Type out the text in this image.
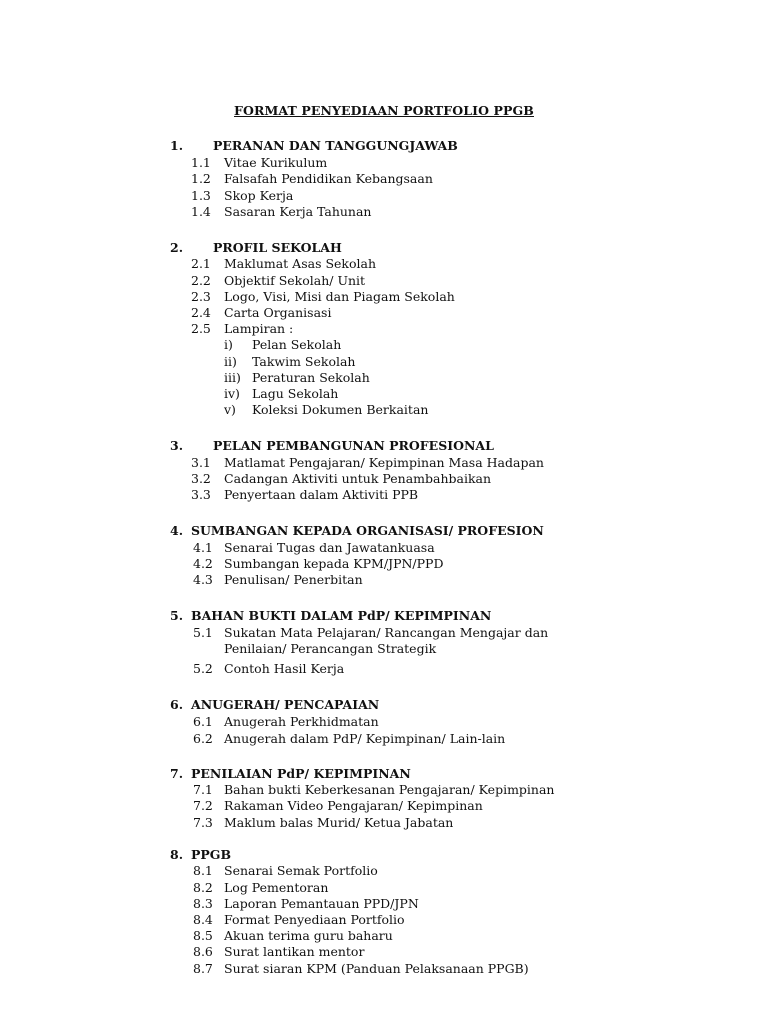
FORMAT PENYEDIAAN PORTFOLIO PPGB
1. PERANAN DAN TANGGUNGJAWAB
1.1 Vitae Kurikulum
1.2 Falsafah Pendidikan Kebangsaan
1.3 Skop Kerja
1.4 Sasaran Kerja Tahunan
2. PROFIL SEKOLAH
2.1 Maklumat Asas Sekolah
2.2 Objektif Sekolah/ Unit
2.3 Logo, Visi, Misi dan Piagam Sekolah
2.4 Carta Organisasi
2.5 Lampiran :
i) Pelan Sekolah
ii) Takwim Sekolah
iii) Peraturan Sekolah
iv) Lagu Sekolah
v) Koleksi Dokumen Berkaitan
3. PELAN PEMBANGUNAN PROFESIONAL
3.1 Matlamat Pengajaran/ Kepimpinan Masa Hadapan
3.2 Cadangan Aktiviti untuk Penambahbaikan
3.3 Penyertaan dalam Aktiviti PPB
4. SUMBANGAN KEPADA ORGANISASI/ PROFESION
4.1 Senarai Tugas dan Jawatankuasa
4.2 Sumbangan kepada KPM/JPN/PPD
4.3 Penulisan/ Penerbitan
5. BAHAN BUKTI DALAM PdP/ KEPIMPINAN
5.1 Sukatan Mata Pelajaran/ Rancangan Mengajar dan
Penilaian/ Perancangan Strategik
5.2 Contoh Hasil Kerja
6. ANUGERAH/ PENCAPAIAN
6.1 Anugerah Perkhidmatan
6.2 Anugerah dalam PdP/ Kepimpinan/ Lain-lain
7. PENILAIAN PdP/ KEPIMPINAN
7.1 Bahan bukti Keberkesanan Pengajaran/ Kepimpinan
7.2 Rakaman Video Pengajaran/ Kepimpinan
7.3 Maklum balas Murid/ Ketua Jabatan
8. PPGB
8.1 Senarai Semak Portfolio
8.2 Log Pementoran
8.3 Laporan Pemantauan PPD/JPN
8.4 Format Penyediaan Portfolio
8.5 Akuan terima guru baharu
8.6 Surat lantikan mentor
8.7 Surat siaran KPM (Panduan Pelaksanaan PPGB)
